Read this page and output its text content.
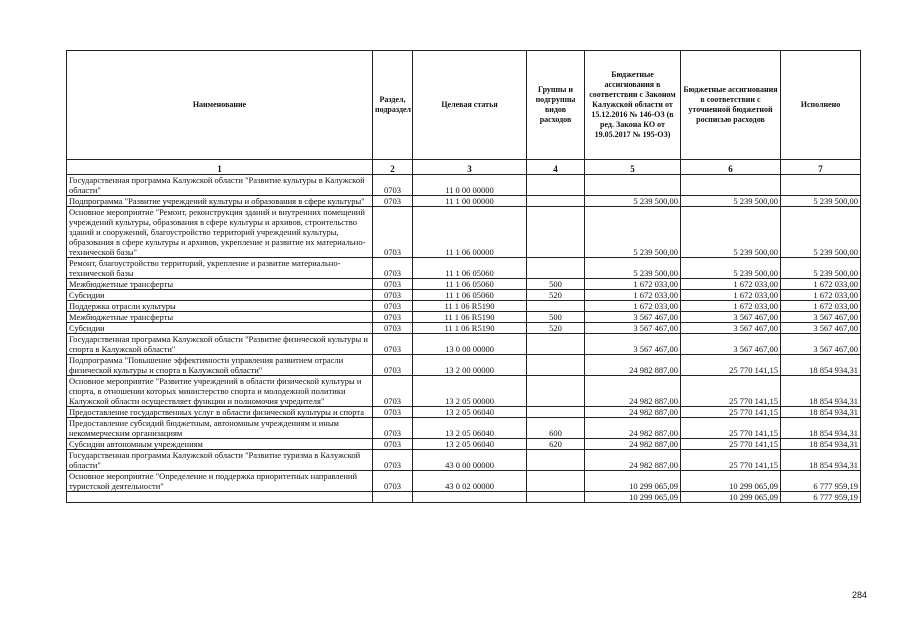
Наименование	Раздел, подраздел	Целевая статья	Группы и подгруппы видов расходов	Бюджетные ассигнования в соответствии с Законом Калужской области от 15.12.2016 № 146-ОЗ (в ред. Закона КО от 19.05.2017 № 195-ОЗ)	Бюджетные ассигнования в соответствии с уточненной бюджетной росписью расходов	Исполнено
1	2	3	4	5	6	7
Государственная программа Калужской области "Развитие культуры в Калужской области"	0703	11 0 00 00000				
Подпрограмма "Развитие учреждений культуры и образования в сфере культуры"	0703	11 1 00 00000		5 239 500,00	5 239 500,00	5 239 500,00
Основное мероприятие "Ремонт, реконструкция зданий и внутренних помещений учреждений культуры, образования в сфере культуры и архивов, строительство зданий и сооружений, благоустройство территорий учреждений культуры, образования в сфере культуры и архивов, укрепление и развитие их материально-технической базы"	0703	11 1 06 00000		5 239 500,00	5 239 500,00	5 239 500,00
Ремонт, благоустройство территорий, укрепление и развитие материально-технической базы	0703	11 1 06 05060		5 239 500,00	5 239 500,00	5 239 500,00
Межбюджетные трансферты	0703	11 1 06 05060	500	1 672 033,00	1 672 033,00	1 672 033,00
Субсидии	0703	11 1 06 05060	520	1 672 033,00	1 672 033,00	1 672 033,00
Поддержка отрасли культуры	0703	11 1 06 R5190		1 672 033,00	1 672 033,00	1 672 033,00
Межбюджетные трансферты	0703	11 1 06 R5190	500	3 567 467,00	3 567 467,00	3 567 467,00
Субсидии	0703	11 1 06 R5190	520	3 567 467,00	3 567 467,00	3 567 467,00
Государственная программа Калужской области "Развитие физической культуры и спорта в Калужской области"	0703	13 0 00 00000		3 567 467,00	3 567 467,00	3 567 467,00
Подпрограмма "Повышение эффективности управления развитием отрасли физической культуры и спорта в Калужской области"	0703	13 2 00 00000		24 982 887,00	25 770 141,15	18 854 934,31
Основное мероприятие "Развитие учреждений в области физической культуры и спорта, в отношении которых министерство спорта и молодежной политики Калужской области осуществляет функции и полномочия учредителя"	0703	13 2 05 00000		24 982 887,00	25 770 141,15	18 854 934,31
Предоставление государственных услуг в области физической культуры и спорта	0703	13 2 05 06040		24 982 887,00	25 770 141,15	18 854 934,31
Предоставление субсидий бюджетным, автономным учреждениям и иным некоммерческим организациям	0703	13 2 05 06040	600	24 982 887,00	25 770 141,15	18 854 934,31
Субсидии автономным учреждениям	0703	13 2 05 06040	620	24 982 887,00	25 770 141,15	18 854 934,31
Государственная программа Калужской области "Развитие туризма в Калужской области"	0703	43 0 00 00000		24 982 887,00	25 770 141,15	18 854 934,31
Основное мероприятие "Определение и поддержка приоритетных направлений туристской деятельности"	0703	43 0 02 00000		10 299 065,09	10 299 065,09	6 777 959,19
				10 299 065,09	10 299 065,09	6 777 959,19
284
